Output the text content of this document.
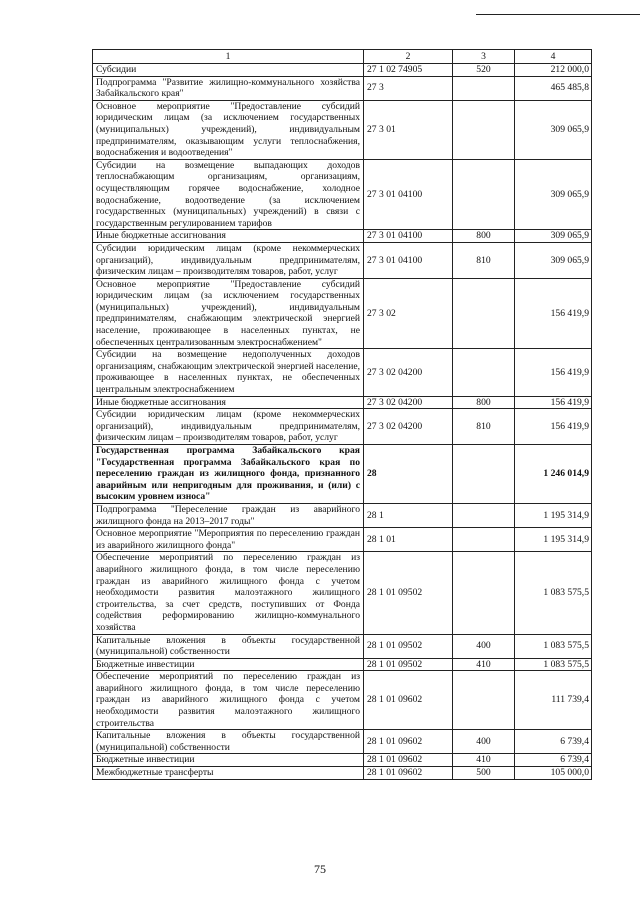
1	2	3	4
Субсидии	27 1 02 74905	520	212 000,0
Подпрограмма "Развитие жилищно-коммунального хозяйства Забайкальского края"	27 3		465 485,8
Основное мероприятие "Предоставление субсидий юридическим лицам (за исключением государственных (муниципальных) учреждений), индивидуальным предпринимателям, оказывающим услуги теплоснабжения, водоснабжения и водоотведения"	27 3 01		309 065,9
Субсидии на возмещение выпадающих доходов теплоснабжающим организациям, организациям, осуществляющим горячее водоснабжение, холодное водоснабжение, водоотведение (за исключением государственных (муниципальных) учреждений) в связи с государственным регулированием тарифов	27 3 01 04100		309 065,9
Иные бюджетные ассигнования	27 3 01 04100	800	309 065,9
Субсидии юридическим лицам (кроме некоммерческих организаций), индивидуальным предпринимателям, физическим лицам – производителям товаров, работ, услуг	27 3 01 04100	810	309 065,9
Основное мероприятие "Предоставление субсидий юридическим лицам (за исключением государственных (муниципальных) учреждений), индивидуальным предпринимателям, снабжающим электрической энергией население, проживающее в населенных пунктах, не обеспеченных централизованным электроснабжением"	27 3 02		156 419,9
Субсидии на возмещение недополученных доходов организациям, снабжающим электрической энергией население, проживающее в населенных пунктах, не обеспеченных центральным электроснабжением	27 3 02 04200		156 419,9
Иные бюджетные ассигнования	27 3 02 04200	800	156 419,9
Субсидии юридическим лицам (кроме некоммерческих организаций), индивидуальным предпринимателям, физическим лицам – производителям товаров, работ, услуг	27 3 02 04200	810	156 419,9
Государственная программа Забайкальского края "Государственная программа Забайкальского края по переселению граждан из жилищного фонда, признанного аварийным или непригодным для проживания, и (или) с высоким уровнем износа"	28		1 246 014,9
Подпрограмма "Переселение граждан из аварийного жилищного фонда на 2013–2017 годы"	28 1		1 195 314,9
Основное мероприятие "Мероприятия по переселению граждан из аварийного жилищного фонда"	28 1 01		1 195 314,9
Обеспечение мероприятий по переселению граждан из аварийного жилищного фонда, в том числе переселению граждан из аварийного жилищного фонда с учетом необходимости развития малоэтажного жилищного строительства, за счет средств, поступивших от Фонда содействия реформированию жилищно-коммунального хозяйства	28 1 01 09502		1 083 575,5
Капитальные вложения в объекты государственной (муниципальной) собственности	28 1 01 09502	400	1 083 575,5
Бюджетные инвестиции	28 1 01 09502	410	1 083 575,5
Обеспечение мероприятий по переселению граждан из аварийного жилищного фонда, в том числе переселению граждан из аварийного жилищного фонда с учетом необходимости развития малоэтажного жилищного строительства	28 1 01 09602		111 739,4
Капитальные вложения в объекты государственной (муниципальной) собственности	28 1 01 09602	400	6 739,4
Бюджетные инвестиции	28 1 01 09602	410	6 739,4
Межбюджетные трансферты	28 1 01 09602	500	105 000,0
75
